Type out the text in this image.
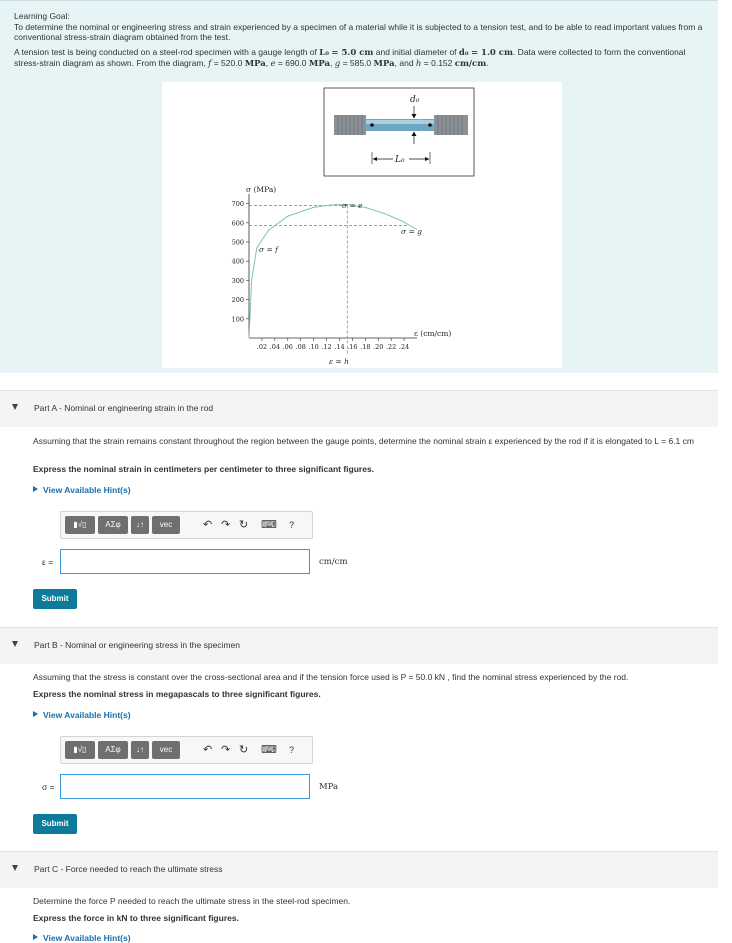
Learning Goal:
To determine the nominal or engineering stress and strain experienced by a specimen of a material while it is subjected to a tension test, and to be able to read important values from a conventional stress-strain diagram obtained from the test.

A tension test is being conducted on a steel-rod specimen with a gauge length of L₀ = 5.0 cm and initial diameter of d₀ = 1.0 cm. Data were collected to form the conventional stress-strain diagram as shown. From the diagram, f = 520.0 MPa, e = 690.0 MPa, g = 585.0 MPa, and h = 0.152 cm/cm.

d₀
L₀
σ (MPa)
ε (cm/cm)
100
200
300
400
500
600
700
.02 .04 .06 .08 .10 .12 .14 .16 .18 .20 .22 .24
σ = f
σ = e
σ = g
ε = h
Part A - Nominal or engineering strain in the rod
Assuming that the strain remains constant throughout the region between the gauge points, determine the nominal strain ε experienced by the rod if it is elongated to L = 6.1 cm
Express the nominal strain in centimeters per centimeter to three significant figures.
View Available Hint(s)
▮√▯	ΑΣφ	↓↑	vec	↶ ↷ ↻ ⌨ ?
ε =	cm/cm
Submit
Part B - Nominal or engineering stress in the specimen
Assuming that the stress is constant over the cross-sectional area and if the tension force used is P = 50.0 kN , find the nominal stress experienced by the rod.
Express the nominal stress in megapascals to three significant figures.
View Available Hint(s)
▮√▯	ΑΣφ	↓↑	vec	↶ ↷ ↻ ⌨ ?
σ =	MPa
Submit
Part C - Force needed to reach the ultimate stress
Determine the force P needed to reach the ultimate stress in the steel-rod specimen.
Express the force in kN to three significant figures.
View Available Hint(s)
